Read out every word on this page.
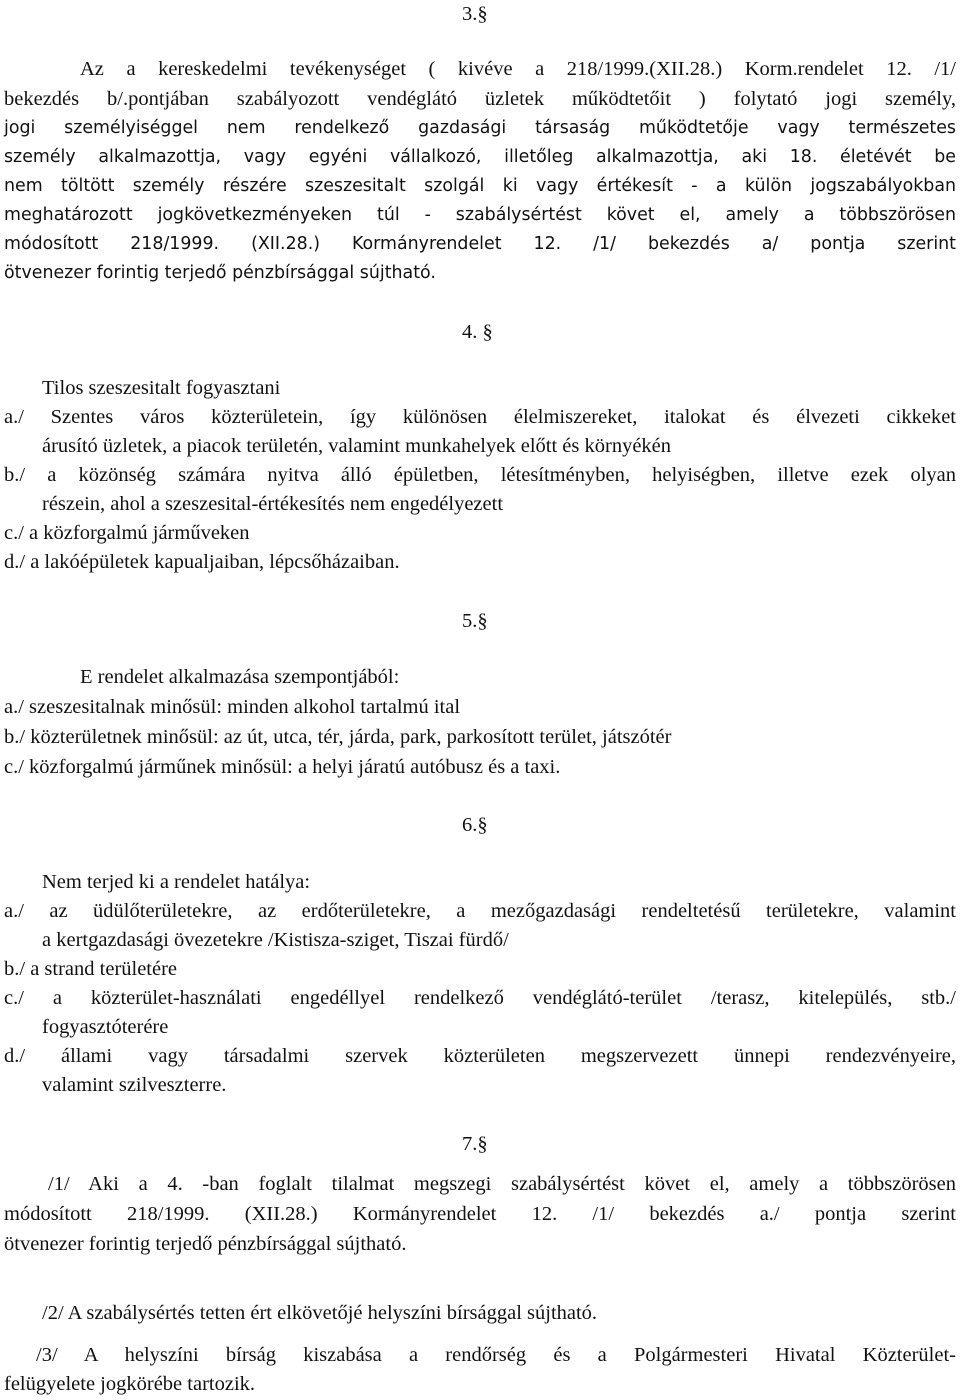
3.§
Az a kereskedelmi tevékenységet ( kivéve a 218/1999.(XII.28.) Korm.rendelet 12. /1/
bekezdés b/.pontjában szabályozott vendéglátó üzletek működtetőit ) folytató jogi személy,
jogi személyiséggel nem rendelkező gazdasági társaság működtetője vagy természetes
személy alkalmazottja, vagy egyéni vállalkozó, illetőleg alkalmazottja, aki 18. életévét be
nem töltött személy részére szeszesitalt szolgál ki vagy értékesít - a külön jogszabályokban
meghatározott jogkövetkezményeken túl - szabálysértést követ el, amely a többszörösen
módosított 218/1999. (XII.28.) Kormányrendelet 12. /1/ bekezdés a/ pontja szerint
ötvenezer forintig terjedő pénzbírsággal sújtható.
4. §
Tilos szeszesitalt fogyasztani
a./ Szentes város közterületein, így különösen élelmiszereket, italokat és élvezeti cikkeket
árusító üzletek, a piacok területén, valamint munkahelyek előtt és környékén
b./ a közönség számára nyitva álló épületben, létesítményben, helyiségben, illetve ezek olyan
részein, ahol a szeszesital-értékesítés nem engedélyezett
c./ a közforgalmú járműveken
d./ a lakóépületek kapualjaiban, lépcsőházaiban.
5.§
E rendelet alkalmazása szempontjából:
a./ szeszesitalnak minősül: minden alkohol tartalmú ital
b./ közterületnek minősül: az út, utca, tér, járda, park, parkosított terület, játszótér
c./ közforgalmú járműnek minősül: a helyi járatú autóbusz és a taxi.
6.§
Nem terjed ki a rendelet hatálya:
a./ az üdülőterületekre, az erdőterületekre, a mezőgazdasági rendeltetésű területekre, valamint
a kertgazdasági övezetekre /Kistisza-sziget, Tiszai fürdő/
b./ a strand területére
c./ a közterület-használati engedéllyel rendelkező vendéglátó-terület /terasz, kitelepülés, stb./
fogyasztóterére
d./ állami vagy társadalmi szervek közterületen megszervezett ünnepi rendezvényeire,
valamint szilveszterre.
7.§
/1/ Aki a 4. -ban foglalt tilalmat megszegi szabálysértést követ el, amely a többszörösen
módosított 218/1999. (XII.28.) Kormányrendelet 12. /1/ bekezdés a./ pontja szerint
ötvenezer forintig terjedő pénzbírsággal sújtható.
/2/ A szabálysértés tetten ért elkövetőjé helyszíni bírsággal sújtható.
/3/ A helyszíni bírság kiszabása a rendőrség és a Polgármesteri Hivatal Közterület-
felügyelete jogkörébe tartozik.
